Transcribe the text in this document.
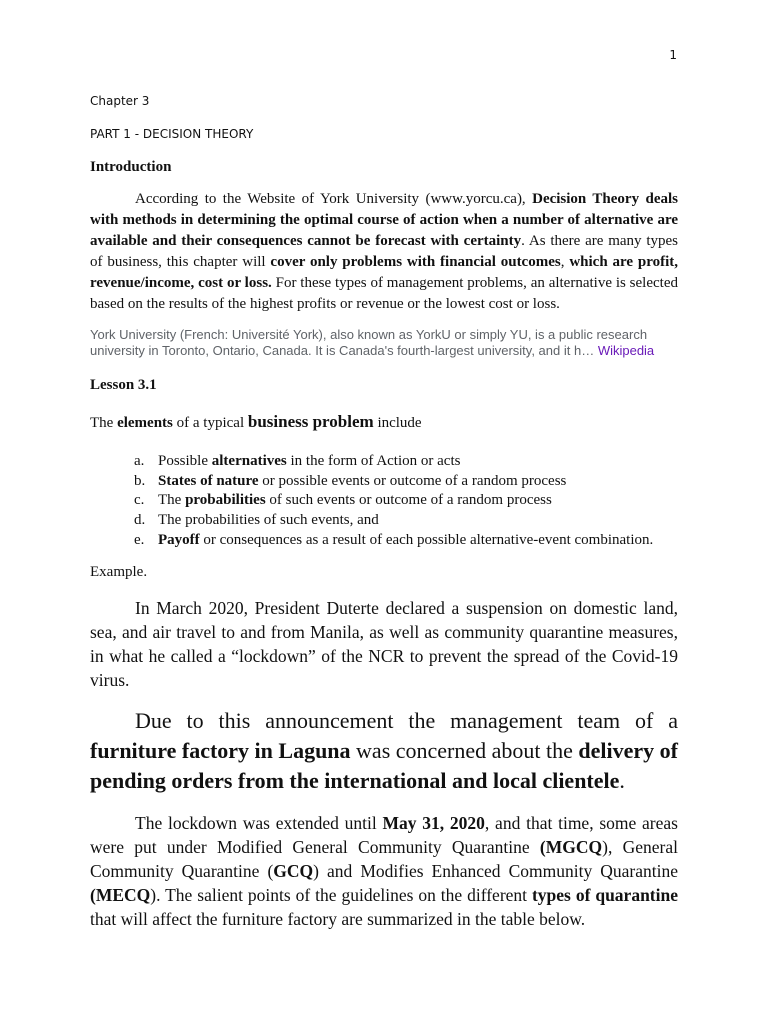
1
Chapter 3
PART 1 - DECISION THEORY
Introduction

According to the Website of York University (www.yorcu.ca), Decision Theory deals with methods in determining the optimal course of action when a number of alternative are available and their consequences cannot be forecast with certainty. As there are many types of business, this chapter will cover only problems with financial outcomes, which are profit, revenue/income, cost or loss. For these types of management problems, an alternative is selected based on the results of the highest profits or revenue or the lowest cost or loss.

York University (French: Université York), also known as YorkU or simply YU, is a public research university in Toronto, Ontario, Canada. It is Canada's fourth-largest university, and it h… Wikipedia

Lesson 3.1
The elements of a typical business problem include
a. Possible alternatives in the form of Action or acts
b. States of nature or possible events or outcome of a random process
c. The probabilities of such events or outcome of a random process
d. The probabilities of such events, and
e. Payoff or consequences as a result of each possible alternative-event combination.
Example.

In March 2020, President Duterte declared a suspension on domestic land, sea, and air travel to and from Manila, as well as community quarantine measures, in what he called a “lockdown” of the NCR to prevent the spread of the Covid-19 virus.

Due to this announcement the management team of a furniture factory in Laguna was concerned about the delivery of pending orders from the international and local clientele.

The lockdown was extended until May 31, 2020, and that time, some areas were put under Modified General Community Quarantine (MGCQ), General Community Quarantine (GCQ) and Modifies Enhanced Community Quarantine (MECQ). The salient points of the guidelines on the different types of quarantine that will affect the furniture factory are summarized in the table below.
